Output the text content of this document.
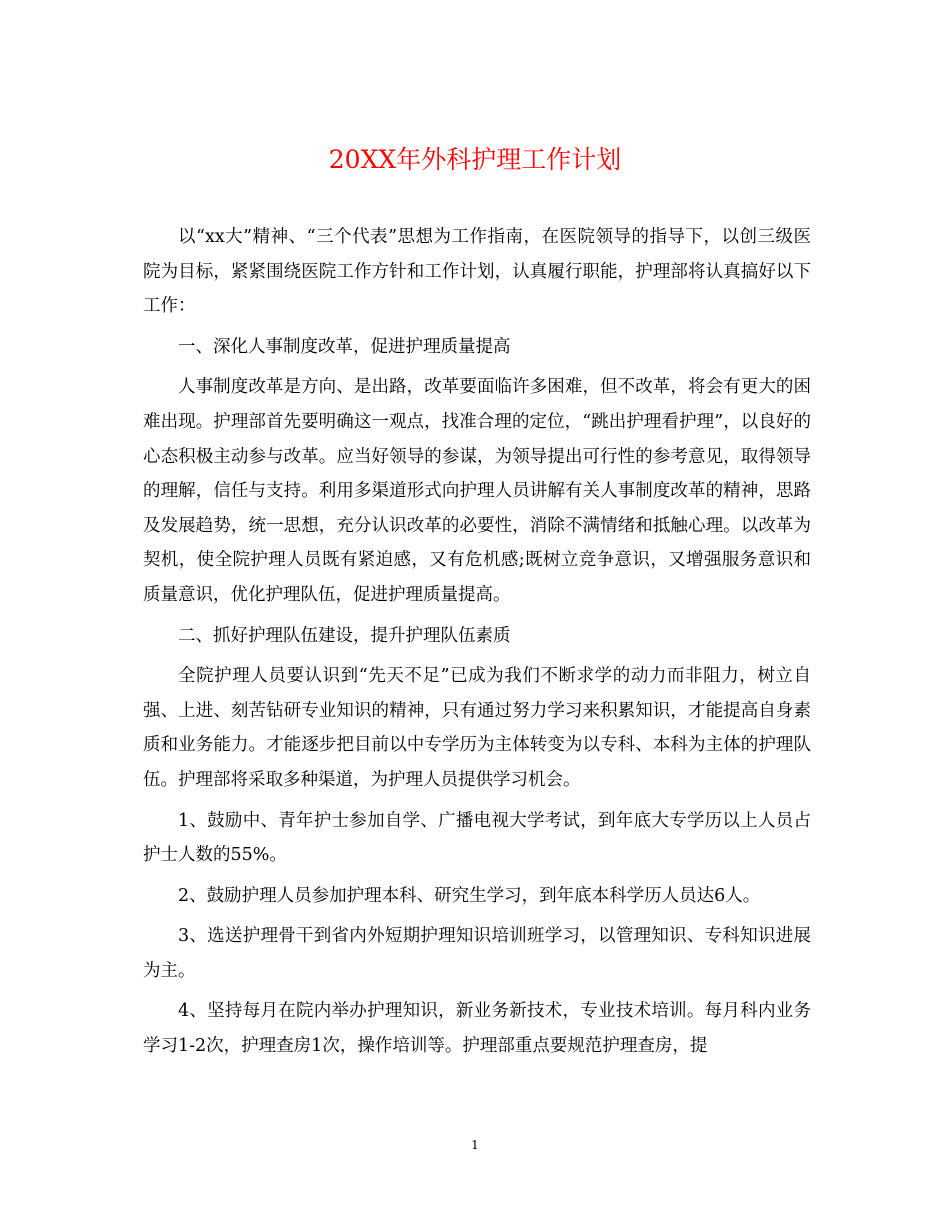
20XX年外科护理工作计划

以“xx大”精神、“三个代表”思想为工作指南，在医院领导的指导下，以创三级医院为目标，紧紧围绕医院工作方针和工作计划，认真履行职能，护理部将认真搞好以下工作：

一、深化人事制度改革，促进护理质量提高

人事制度改革是方向、是出路，改革要面临许多困难，但不改革，将会有更大的困难出现。护理部首先要明确这一观点，找准合理的定位，“跳出护理看护理”，以良好的心态积极主动参与改革。应当好领导的参谋，为领导提出可行性的参考意见，取得领导的理解，信任与支持。利用多渠道形式向护理人员讲解有关人事制度改革的精神，思路及发展趋势，统一思想，充分认识改革的必要性，消除不满情绪和抵触心理。以改革为契机，使全院护理人员既有紧迫感，又有危机感;既树立竞争意识，又增强服务意识和质量意识，优化护理队伍，促进护理质量提高。

二、抓好护理队伍建设，提升护理队伍素质

全院护理人员要认识到“先天不足”已成为我们不断求学的动力而非阻力，树立自强、上进、刻苦钻研专业知识的精神，只有通过努力学习来积累知识，才能提高自身素质和业务能力。才能逐步把目前以中专学历为主体转变为以专科、本科为主体的护理队伍。护理部将采取多种渠道，为护理人员提供学习机会。

1、鼓励中、青年护士参加自学、广播电视大学考试，到年底大专学历以上人员占护士人数的55%。

2、鼓励护理人员参加护理本科、研究生学习，到年底本科学历人员达6人。

3、选送护理骨干到省内外短期护理知识培训班学习，以管理知识、专科知识进展为主。

4、坚持每月在院内举办护理知识，新业务新技术，专业技术培训。每月科内业务学习1-2次，护理查房1次，操作培训等。护理部重点要规范护理查房，提

1
